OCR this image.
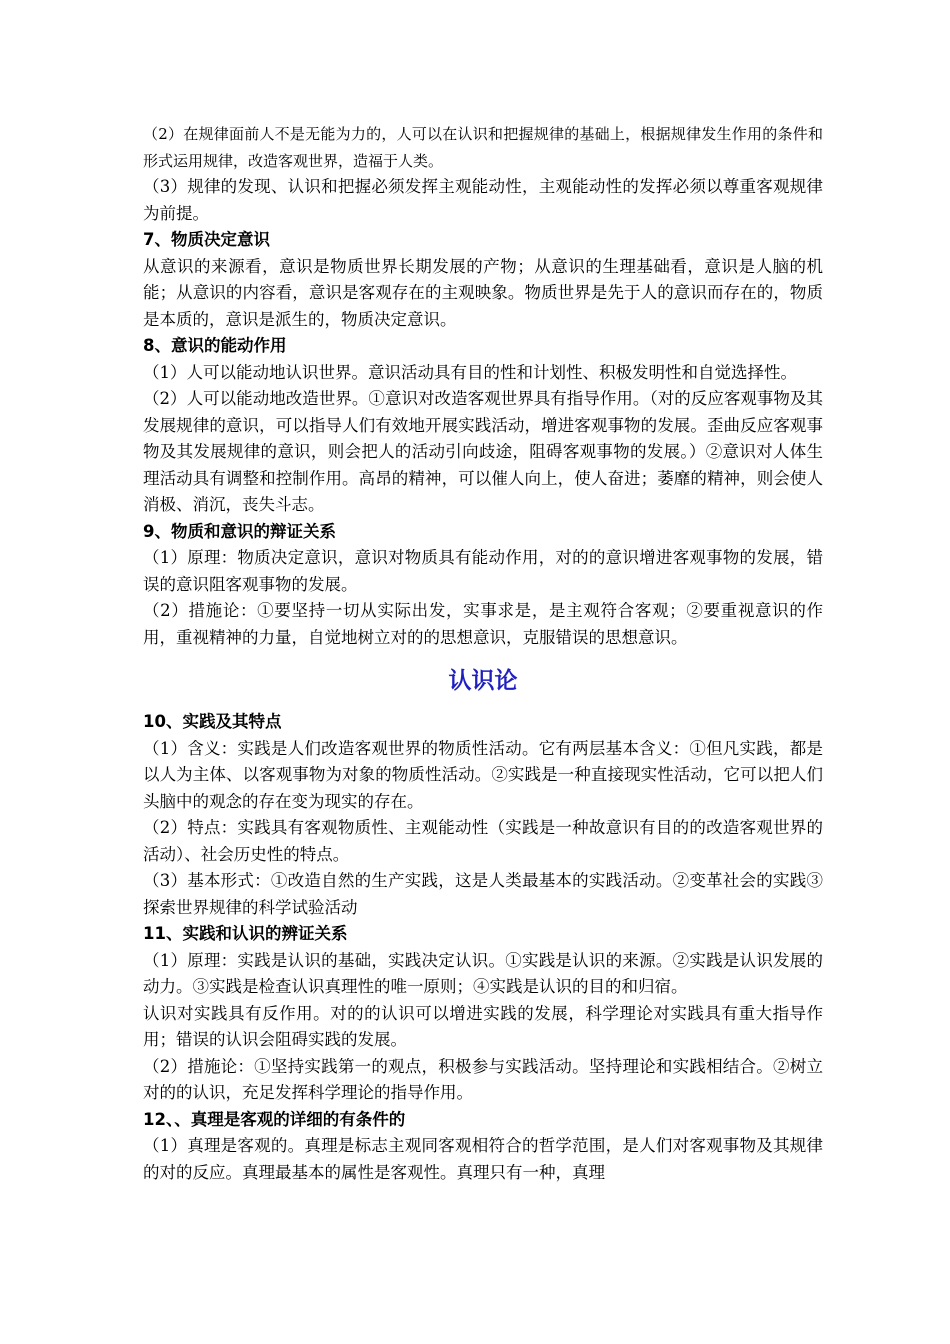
（2）在规律面前人不是无能为力的，人可以在认识和把握规律的基础上，根据规律发生作用的条件和形式运用规律，改造客观世界，造福于人类。

（3）规律的发现、认识和把握必须发挥主观能动性，主观能动性的发挥必须以尊重客观规律为前提。

7、物质决定意识

从意识的来源看，意识是物质世界长期发展的产物；从意识的生理基础看，意识是人脑的机能；从意识的内容看，意识是客观存在的主观映象。物质世界是先于人的意识而存在的，物质是本质的，意识是派生的，物质决定意识。

8、意识的能动作用

（1）人可以能动地认识世界。意识活动具有目的性和计划性、积极发明性和自觉选择性。

（2）人可以能动地改造世界。①意识对改造客观世界具有指导作用。（对的反应客观事物及其发展规律的意识，可以指导人们有效地开展实践活动，增进客观事物的发展。歪曲反应客观事物及其发展规律的意识，则会把人的活动引向歧途，阻碍客观事物的发展。）②意识对人体生理活动具有调整和控制作用。高昂的精神，可以催人向上，使人奋进；萎靡的精神，则会使人消极、消沉，丧失斗志。

9、物质和意识的辩证关系

（1）原理：物质决定意识，意识对物质具有能动作用，对的的意识增进客观事物的发展，错误的意识阻客观事物的发展。

（2）措施论：①要坚持一切从实际出发，实事求是，是主观符合客观；②要重视意识的作用，重视精神的力量，自觉地树立对的的思想意识，克服错误的思想意识。

认识论
10、实践及其特点

（1）含义：实践是人们改造客观世界的物质性活动。它有两层基本含义：①但凡实践，都是以人为主体、以客观事物为对象的物质性活动。②实践是一种直接现实性活动，它可以把人们头脑中的观念的存在变为现实的存在。

（2）特点：实践具有客观物质性、主观能动性（实践是一种故意识有目的的改造客观世界的活动）、社会历史性的特点。

（3）基本形式：①改造自然的生产实践，这是人类最基本的实践活动。②变革社会的实践③探索世界规律的科学试验活动

11、实践和认识的辨证关系

（1）原理：实践是认识的基础，实践决定认识。①实践是认识的来源。②实践是认识发展的动力。③实践是检查认识真理性的唯一原则；④实践是认识的目的和归宿。

认识对实践具有反作用。对的的认识可以增进实践的发展，科学理论对实践具有重大指导作用；错误的认识会阻碍实践的发展。

（2）措施论：①坚持实践第一的观点，积极参与实践活动。坚持理论和实践相结合。②树立对的的认识，充足发挥科学理论的指导作用。

12、、真理是客观的详细的有条件的

（1）真理是客观的。真理是标志主观同客观相符合的哲学范围，是人们对客观事物及其规律的对的反应。真理最基本的属性是客观性。真理只有一种，真理
